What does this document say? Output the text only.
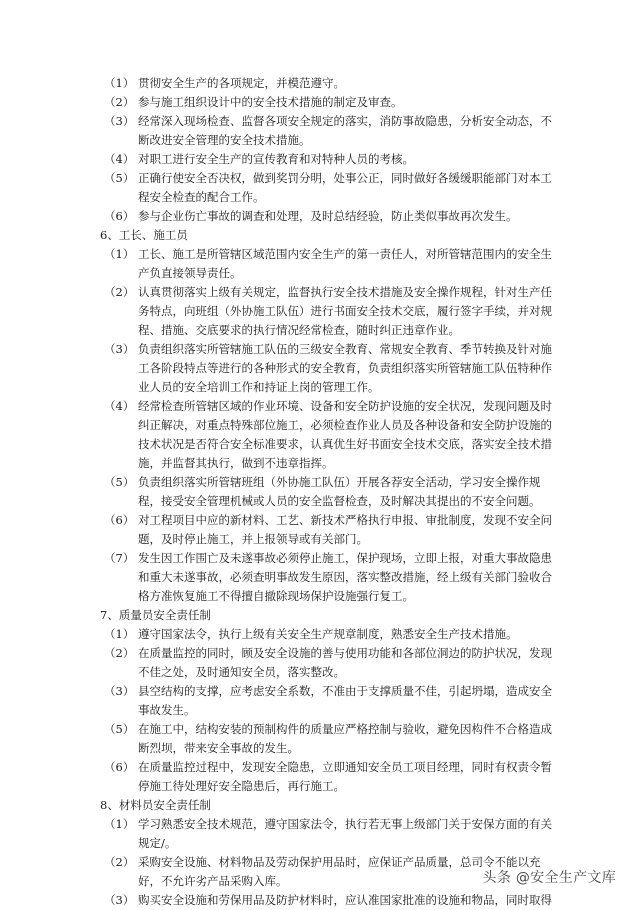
（1） 贯彻安全生产的各项规定，并模范遵守。
（2） 参与施工组织设计中的安全技术措施的制定及审查。
（3） 经常深入现场检查、监督各项安全规定的落实，消防事故隐患，分析安全动态，不断改进安全管理的安全技术措施。
（4） 对职工进行安全生产的宣传教育和对特种人员的考核。
（5） 正确行使安全否决权，做到奖罚分明，处事公正，同时做好各缓缓职能部门对本工程安全检查的配合工作。
（6） 参与企业伤亡事故的调查和处理，及时总结经验，防止类似事故再次发生。
6、工长、施工员
（1） 工长、施工是所管辖区域范围内安全生产的第一责任人，对所管辖范围内的安全生产负直接领导责任。
（2） 认真贯彻落实上级有关规定，监督执行安全技术措施及安全操作规程，针对生产任务特点，向班组（外协施工队伍）进行书面安全技术交底，履行签字手续，并对规程、措施、交底要求的执行情况经常检查，随时纠正违章作业。
（3） 负责组织落实所管辖施工队伍的三级安全教育、常规安全教育、季节转换及针对施工各阶段特点等进行的各种形式的安全教育，负责组织落实所管辖施工队伍特种作业人员的安全培训工作和持证上岗的管理工作。
（4） 经常检查所管辖区域的作业环境、设备和安全防护设施的安全状况，发现问题及时纠正解决，对重点特殊部位施工，必须检查作业人员及各种设备和安全防护设施的技术状况是否符合安全标准要求，认真优生好书面安全技术交底，落实安全技术措施，并监督其执行，做到不违章指挥。
（5） 负责组织落实所管辖班组（外协施工队伍）开展各荐安全活动，学习安全操作规程，接受安全管理机械或人员的安全监督检查，及时解决其提出的不安全问题。
（6） 对工程项目中应的新材料、工艺、新技术严格执行申报、审批制度，发现不安全问题，及时停止施工，并上报领导或有关部门。
（7） 发生因工作围亡及未遂事故必须停止施工，保护现场，立即上报，对重大事故隐患和重大未遂事故，必须查明事故发生原因，落实整改措施，经上级有关部门验收合格方准恢复施工不得擅自撤除现场保护设施强行复工。
7、质量员安全责任制
（1） 遵守国家法令，执行上级有关安全生产规章制度，熟悉安全生产技术措施。
（2） 在质量监控的同时，顾及安全设施的善与使用功能和各部位洞边的防护状况，发现不佳之处，及时通知安全员，落实整改。
（3） 县空结构的支撑，应考虑安全系数，不准由于支撑质量不佳，引起坍塌，造成安全事故发生。
（5） 在施工中，结构安装的预制构件的质量应严格控制与验收，避免因构件不合格造成断烈坝，带来安全事故的发生。
（6） 在质量监控过程中，发现安全隐患，立即通知安全员工项目经理，同时有权责令暂停施工待处理好安全隐患后，再行施工。
8、材料员安全责任制
（1） 学习熟悉安全技术规范，遵守国家法令，执行若无事上级部门关于安保方面的有关规定/。
（2） 采购安全设施、材料物品及劳动保护用品时，应保证产品质量，总司令不能以充好，不允许劣产品采购入库。
（3） 购买安全设施和劳保用品及防护材料时，应认准国家批准的设施和物品，同时取得
头条 @安全生产文库
